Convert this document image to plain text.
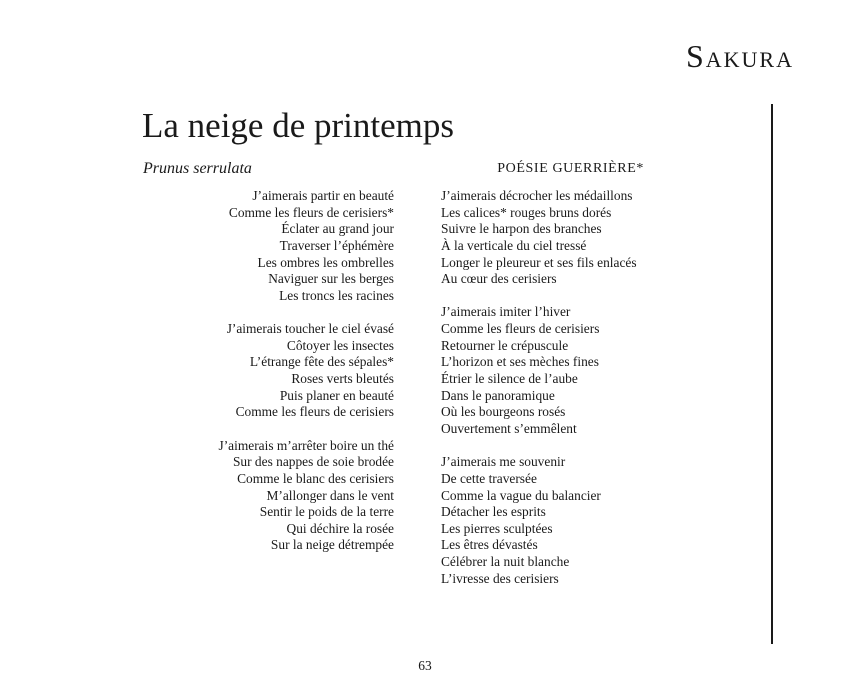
Sakura
La neige de printemps
Prunus serrulata	POÉSIE GUERRIÈRE*
J’aimerais partir en beauté
Comme les fleurs de cerisiers*
Éclater au grand jour
Traverser l’éphémère
Les ombres les ombrelles
Naviguer sur les berges
Les troncs les racines
J’aimerais toucher le ciel évasé
Côtoyer les insectes
L’étrange fête des sépales*
Roses verts bleutés
Puis planer en beauté
Comme les fleurs de cerisiers
J’aimerais m’arrêter boire un thé
Sur des nappes de soie brodée
Comme le blanc des cerisiers
M’allonger dans le vent
Sentir le poids de la terre
Qui déchire la rosée
Sur la neige détrempée
J’aimerais décrocher les médaillons
Les calices* rouges bruns dorés
Suivre le harpon des branches
À la verticale du ciel tressé
Longer le pleureur et ses fils enlacés
Au cœur des cerisiers
J’aimerais imiter l’hiver
Comme les fleurs de cerisiers
Retourner le crépuscule
L’horizon et ses mèches fines
Étrier le silence de l’aube
Dans le panoramique
Où les bourgeons rosés
Ouvertement s’emmêlent
J’aimerais me souvenir
De cette traversée
Comme la vague du balancier
Détacher les esprits
Les pierres sculptées
Les êtres dévastés
Célébrer la nuit blanche
L’ivresse des cerisiers
63
